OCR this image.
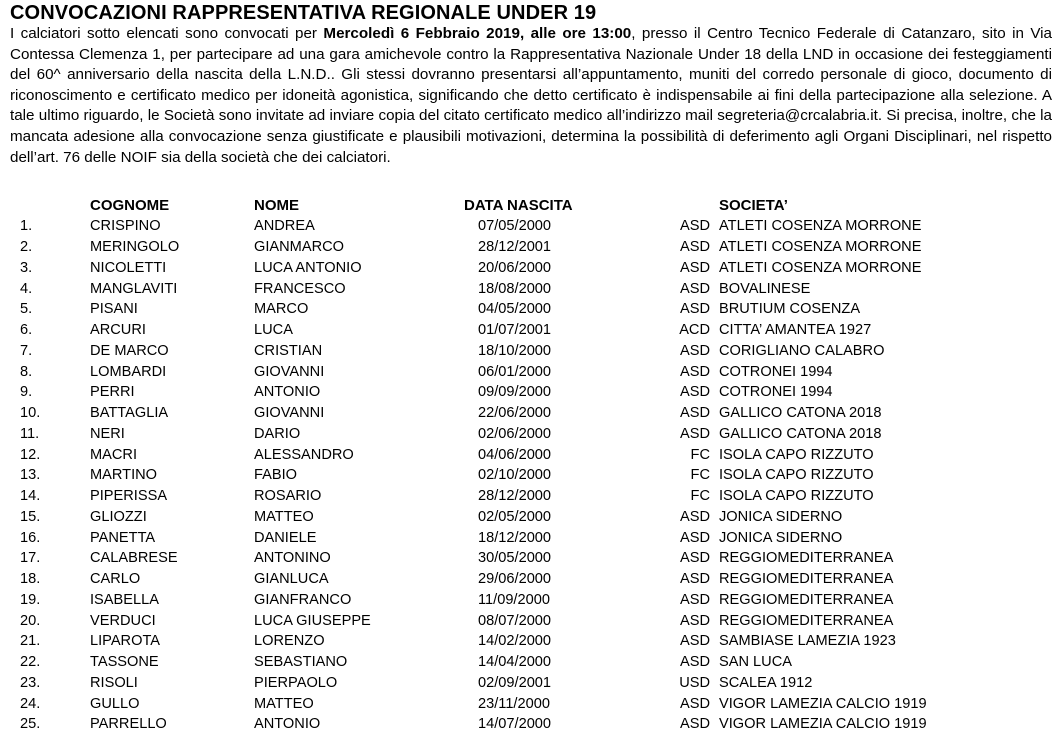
CONVOCAZIONI RAPPRESENTATIVA REGIONALE UNDER 19

I calciatori sotto elencati sono convocati per Mercoledì 6 Febbraio 2019, alle ore 13:00, presso il Centro Tecnico Federale di Catanzaro, sito in Via Contessa Clemenza 1, per partecipare ad una gara amichevole contro la Rappresentativa Nazionale Under 18 della LND in occasione dei festeggiamenti del 60^ anniversario della nascita della L.N.D.. Gli stessi dovranno presentarsi all’appuntamento, muniti del corredo personale di gioco, documento di riconoscimento e certificato medico per idoneità agonistica, significando che detto certificato è indispensabile ai fini della partecipazione alla selezione. A tale ultimo riguardo, le Società sono invitate ad inviare copia del citato certificato medico all’indirizzo mail segreteria@crcalabria.it. Si precisa, inoltre, che la mancata adesione alla convocazione senza giustificate e plausibili motivazioni, determina la possibilità di deferimento agli Organi Disciplinari, nel rispetto dell’art. 76 delle NOIF sia della società che dei calciatori.

	COGNOME	NOME	DATA NASCITA		SOCIETA’
1.	CRISPINO	ANDREA	07/05/2000	ASD	ATLETI COSENZA MORRONE
2.	MERINGOLO	GIANMARCO	28/12/2001	ASD	ATLETI COSENZA MORRONE
3.	NICOLETTI	LUCA ANTONIO	20/06/2000	ASD	ATLETI COSENZA MORRONE
4.	MANGLAVITI	FRANCESCO	18/08/2000	ASD	BOVALINESE
5.	PISANI	MARCO	04/05/2000	ASD	BRUTIUM COSENZA
6.	ARCURI	LUCA	01/07/2001	ACD	CITTA’ AMANTEA 1927
7.	DE MARCO	CRISTIAN	18/10/2000	ASD	CORIGLIANO CALABRO
8.	LOMBARDI	GIOVANNI	06/01/2000	ASD	COTRONEI 1994
9.	PERRI	ANTONIO	09/09/2000	ASD	COTRONEI 1994
10.	BATTAGLIA	GIOVANNI	22/06/2000	ASD	GALLICO CATONA 2018
11.	NERI	DARIO	02/06/2000	ASD	GALLICO CATONA 2018
12.	MACRI	ALESSANDRO	04/06/2000	FC	ISOLA CAPO RIZZUTO
13.	MARTINO	FABIO	02/10/2000	FC	ISOLA CAPO RIZZUTO
14.	PIPERISSA	ROSARIO	28/12/2000	FC	ISOLA CAPO RIZZUTO
15.	GLIOZZI	MATTEO	02/05/2000	ASD	JONICA SIDERNO
16.	PANETTA	DANIELE	18/12/2000	ASD	JONICA SIDERNO
17.	CALABRESE	ANTONINO	30/05/2000	ASD	REGGIOMEDITERRANEA
18.	CARLO	GIANLUCA	29/06/2000	ASD	REGGIOMEDITERRANEA
19.	ISABELLA	GIANFRANCO	11/09/2000	ASD	REGGIOMEDITERRANEA
20.	VERDUCI	LUCA GIUSEPPE	08/07/2000	ASD	REGGIOMEDITERRANEA
21.	LIPAROTA	LORENZO	14/02/2000	ASD	SAMBIASE LAMEZIA 1923
22.	TASSONE	SEBASTIANO	14/04/2000	ASD	SAN LUCA
23.	RISOLI	PIERPAOLO	02/09/2001	USD	SCALEA 1912
24.	GULLO	MATTEO	23/11/2000	ASD	VIGOR LAMEZIA CALCIO 1919
25.	PARRELLO	ANTONIO	14/07/2000	ASD	VIGOR LAMEZIA CALCIO 1919
